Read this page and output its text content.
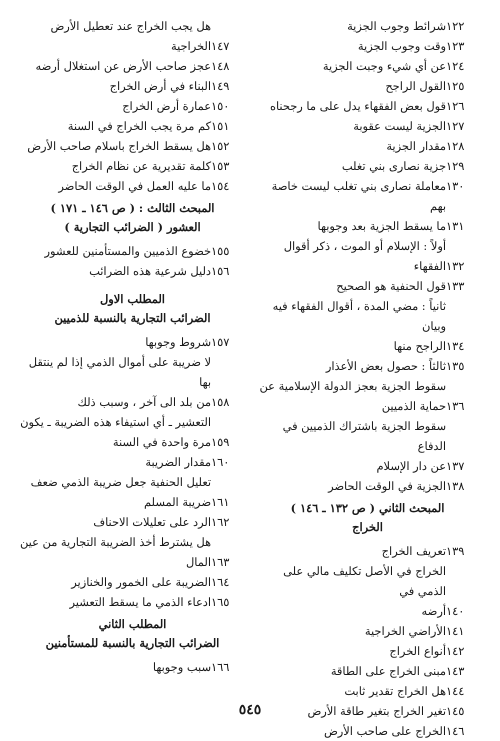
١٢٢
شرائط وجوب الجزية
١٢٣
وقت وجوب الجزية
١٢٤
عن أي شيء وجبت الجزية
١٢٥
القول الراجح
١٢٦
قول بعض الفقهاء يدل على ما رجحناه
١٢٧
الجزية ليست عقوبة
١٢٨
مقدار الجزية
١٢٩
جزية نصارى بني تغلب
١٣٠
معاملة نصارى بني تغلب ليست خاصة بهم
١٣١
ما يسقط الجزية بعد وجوبها
أولاً : الإسلام أو الموت ، ذكر أقوال
١٣٢
الفقهاء
١٣٣
قول الحنفية هو الصحيح
ثانياً : مضي المدة ، أقوال الفقهاء فيه وبيان
١٣٤
الراجح منها
١٣٥
ثالثاً : حصول بعض الأعذار
سقوط الجزية بعجز الدولة الإسلامية عن
١٣٦
حماية الذميين
سقوط الجزية باشتراك الذميين في الدفاع
١٣٧
عن دار الإسلام
١٣٨
الجزية في الوقت الحاضر
المبحث الثاني ( ص ١٣٢ ـ ١٤٦ )
الخراج
١٣٩
تعريف الخراج
الخراج في الأصل تكليف مالي على الذمي في
١٤٠
أرضه
١٤١
الأراضي الخراجية
١٤٢
أنواع الخراج
١٤٣
مبنى الخراج على الطاقة
١٤٤
هل الخراج تقدير ثابت
١٤٥
تغير الخراج بتغير طاقة الأرض
١٤٦
الخراج على صاحب الأرض
هل يجب الخراج عند تعطيل الأرض
١٤٧
الخراجية
١٤٨
عجز صاحب الأرض عن استغلال أرضه
١٤٩
البناء في أرض الخراج
١٥٠
عمارة أرض الخراج
١٥١
كم مرة يجب الخراج في السنة
١٥٢
هل يسقط الخراج باسلام صاحب الأرض
١٥٣
كلمة تقديرية عن نظام الخراج
١٥٤
ما عليه العمل في الوقت الحاضر
المبحث الثالث : ( ص ١٤٦ ـ ١٧١ )
العشور ( الضرائب التجارية )
١٥٥
خضوع الذميين والمستأمنين للعشور
١٥٦
دليل شرعية هذه الضرائب
المطلب الاول
الضرائب التجارية بالنسبة للذميين
١٥٧
شروط وجوبها
لا ضريبة على أموال الذمي إذا لم ينتقل بها
١٥٨
من بلد الى آخر ، وسبب ذلك
التعشير ـ أي استيفاء هذه الضريبة ـ يكون
١٥٩
مرة واحدة في السنة
١٦٠
مقدار الضريبة
تعليل الحنفية جعل ضريبة الذمي ضعف
١٦١
ضريبة المسلم
١٦٢
الرد على تعليلات الاحناف
هل يشترط أخذ الضريبة التجارية من عين
١٦٣
المال
١٦٤
الضريبة على الخمور والخنازير
١٦٥
ادعاء الذمي ما يسقط التعشير
المطلب الثاني
الضرائب التجارية بالنسبة للمستأمنين
١٦٦
سبب وجوبها
٥٤٥
